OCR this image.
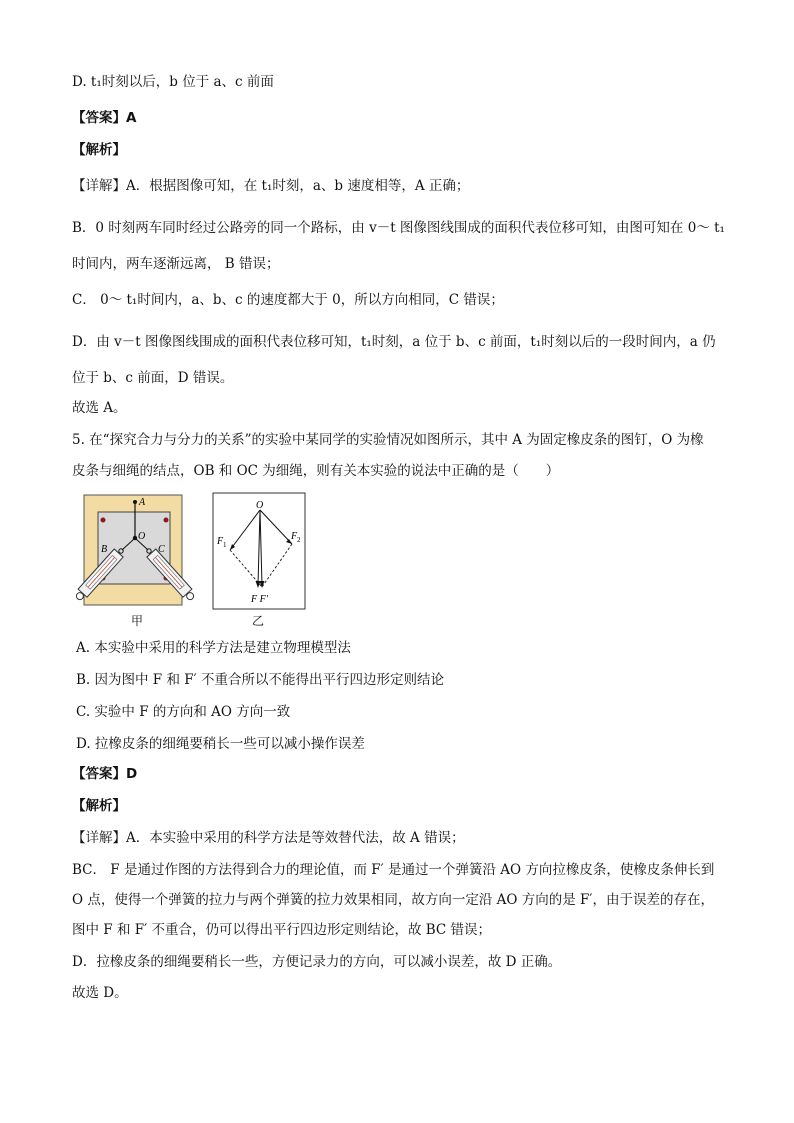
D. t₁时刻以后，b 位于 a、c 前面
【答案】A
【解析】
【详解】A．根据图像可知，在 t₁时刻，a、b 速度相等，A 正确；
B．0 时刻两车同时经过公路旁的同一个路标，由 v－t 图像图线围成的面积代表位移可知，由图可知在 0～ t₁
时间内，两车逐渐远离， B 错误；
C． 0～ t₁时间内，a、b、c 的速度都大于 0，所以方向相同，C 错误；
D．由 v－t 图像图线围成的面积代表位移可知，t₁时刻，a 位于 b、c 前面，t₁时刻以后的一段时间内，a 仍
位于 b、c 前面，D 错误。
故选 A。
5. 在“探究合力与分力的关系”的实验中某同学的实验情况如图所示，其中 A 为固定橡皮条的图钉，O 为橡
皮条与细绳的结点，OB 和 OC 为细绳，则有关本实验的说法中正确的是（　　）
A
O
B	C
甲
O
F 1
F 2
F F′
乙
A. 本实验中采用的科学方法是建立物理模型法
B. 因为图中 F 和 F′ 不重合所以不能得出平行四边形定则结论
C. 实验中 F 的方向和 AO 方向一致
D. 拉橡皮条的细绳要稍长一些可以减小操作误差
【答案】D
【解析】
【详解】A．本实验中采用的科学方法是等效替代法，故 A 错误；
BC． F 是通过作图的方法得到合力的理论值，而 F′ 是通过一个弹簧沿 AO 方向拉橡皮条，使橡皮条伸长到
O 点，使得一个弹簧的拉力与两个弹簧的拉力效果相同，故方向一定沿 AO 方向的是 F′，由于误差的存在，
图中 F 和 F′ 不重合，仍可以得出平行四边形定则结论，故 BC 错误；
D．拉橡皮条的细绳要稍长一些，方便记录力的方向，可以减小误差，故 D 正确。
故选 D。
